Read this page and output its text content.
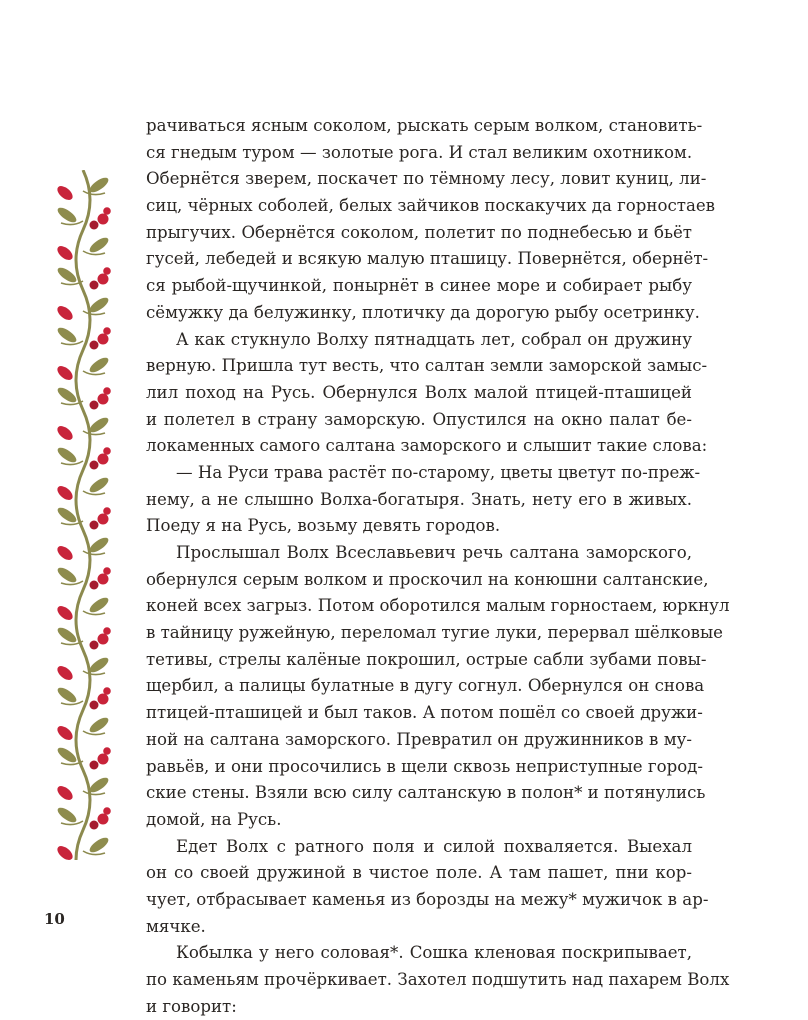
рачиваться ясным соколом, рыскать серым волком, становить-
ся гнедым туром — золотые рога. И стал великим охотником.
Обернётся зверем, поскачет по тёмному лесу, ловит куниц, ли-
сиц, чёрных соболей, белых зайчиков поскакучих да горностаев
прыгучих. Обернётся соколом, полетит по поднебесью и бьёт
гусей, лебедей и всякую малую пташицу. Повернётся, обернёт-
ся рыбой-щучинкой, понырнёт в синее море и собирает рыбу
сёмужку да белужинку, плотичку да дорогую рыбу осетринку.
А как стукнуло Волху пятнадцать лет, собрал он дружину
верную. Пришла тут весть, что салтан земли заморской замыс-
лил поход на Русь. Обернулся Волх малой птицей-пташицей
и полетел в страну заморскую. Опустился на окно палат бе-
локаменных самого салтана заморского и слышит такие слова:
— На Руси трава растёт по-старому, цветы цветут по-преж-
нему, а не слышно Волха-богатыря. Знать, нету его в живых.
Поеду я на Русь, возьму девять городов.
Прослышал Волх Всеславьевич речь салтана заморского,
обернулся серым волком и проскочил на конюшни салтанские,
коней всех загрыз. Потом оборотился малым горностаем, юркнул
в тайницу ружейную, переломал тугие луки, перервал шёлковые
тетивы, стрелы калёные покрошил, острые сабли зубами повы-
щербил, а палицы булатные в дугу согнул. Обернулся он снова
птицей-пташицей и был таков. А потом пошёл со своей дружи-
ной на салтана заморского. Превратил он дружинников в му-
равьёв, и они просочились в щели сквозь неприступные город-
ские стены. Взяли всю силу салтанскую в полон* и потянулись
домой, на Русь.
Едет Волх с ратного поля и силой похваляется. Выехал
он со своей дружиной в чистое поле. А там пашет, пни кор-
чует, отбрасывает каменья из борозды на межу* мужичок в ар-
мячке.
Кобылка у него соловая*. Сошка кленовая поскрипывает,
по каменьям прочёркивает. Захотел подшутить над пахарем Волх
и говорит:
10
